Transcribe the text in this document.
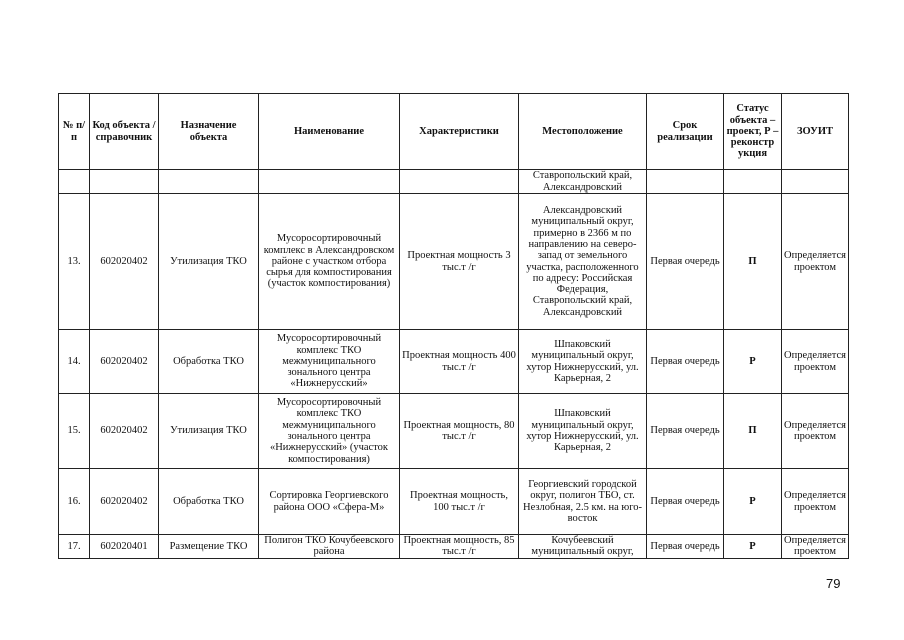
№ п/п	Код объекта / справочник	Назначение объекта	Наименование	Характеристики	Местоположение	Срок реализации	Статус объекта – проект, Р – реконстр укция	ЗОУИТ
					Ставропольский край, Александровский			
13.	602020402	Утилизация ТКО	Мусоросортировочный комплекс в Александровском районе с участком отбора сырья для компостирования (участок компостирования)	Проектная мощность 3 тыс.т /г	Александровский муниципальный округ, примерно в 2366 м по направлению на северо-запад от земельного участка, расположенного по адресу: Российская Федерация, Ставропольский край, Александровский	Первая очередь	П	Определяется проектом
14.	602020402	Обработка ТКО	Мусоросортировочный комплекс ТКО межмуниципального зонального центра «Нижнерусский»	Проектная мощность 400 тыс.т /г	Шпаковский муниципальный округ, хутор Нижнерусский, ул. Карьерная, 2	Первая очередь	Р	Определяется проектом
15.	602020402	Утилизация ТКО	Мусоросортировочный комплекс ТКО межмуниципального зонального центра «Нижнерусский» (участок компостирования)	Проектная мощность, 80 тыс.т /г	Шпаковский муниципальный округ, хутор Нижнерусский, ул. Карьерная, 2	Первая очередь	П	Определяется проектом
16.	602020402	Обработка ТКО	Сортировка Георгиевского района ООО «Сфера-М»	Проектная мощность, 100 тыс.т /г	Георгиевский городской округ, полигон ТБО, ст. Незлобная, 2.5 км. на юго-восток	Первая очередь	Р	Определяется проектом
17.	602020401	Размещение ТКО	Полигон ТКО Кочубеевского района	Проектная мощность, 85 тыс.т /г	Кочубеевский муниципальный округ,	Первая очередь	Р	Определяется проектом
79
